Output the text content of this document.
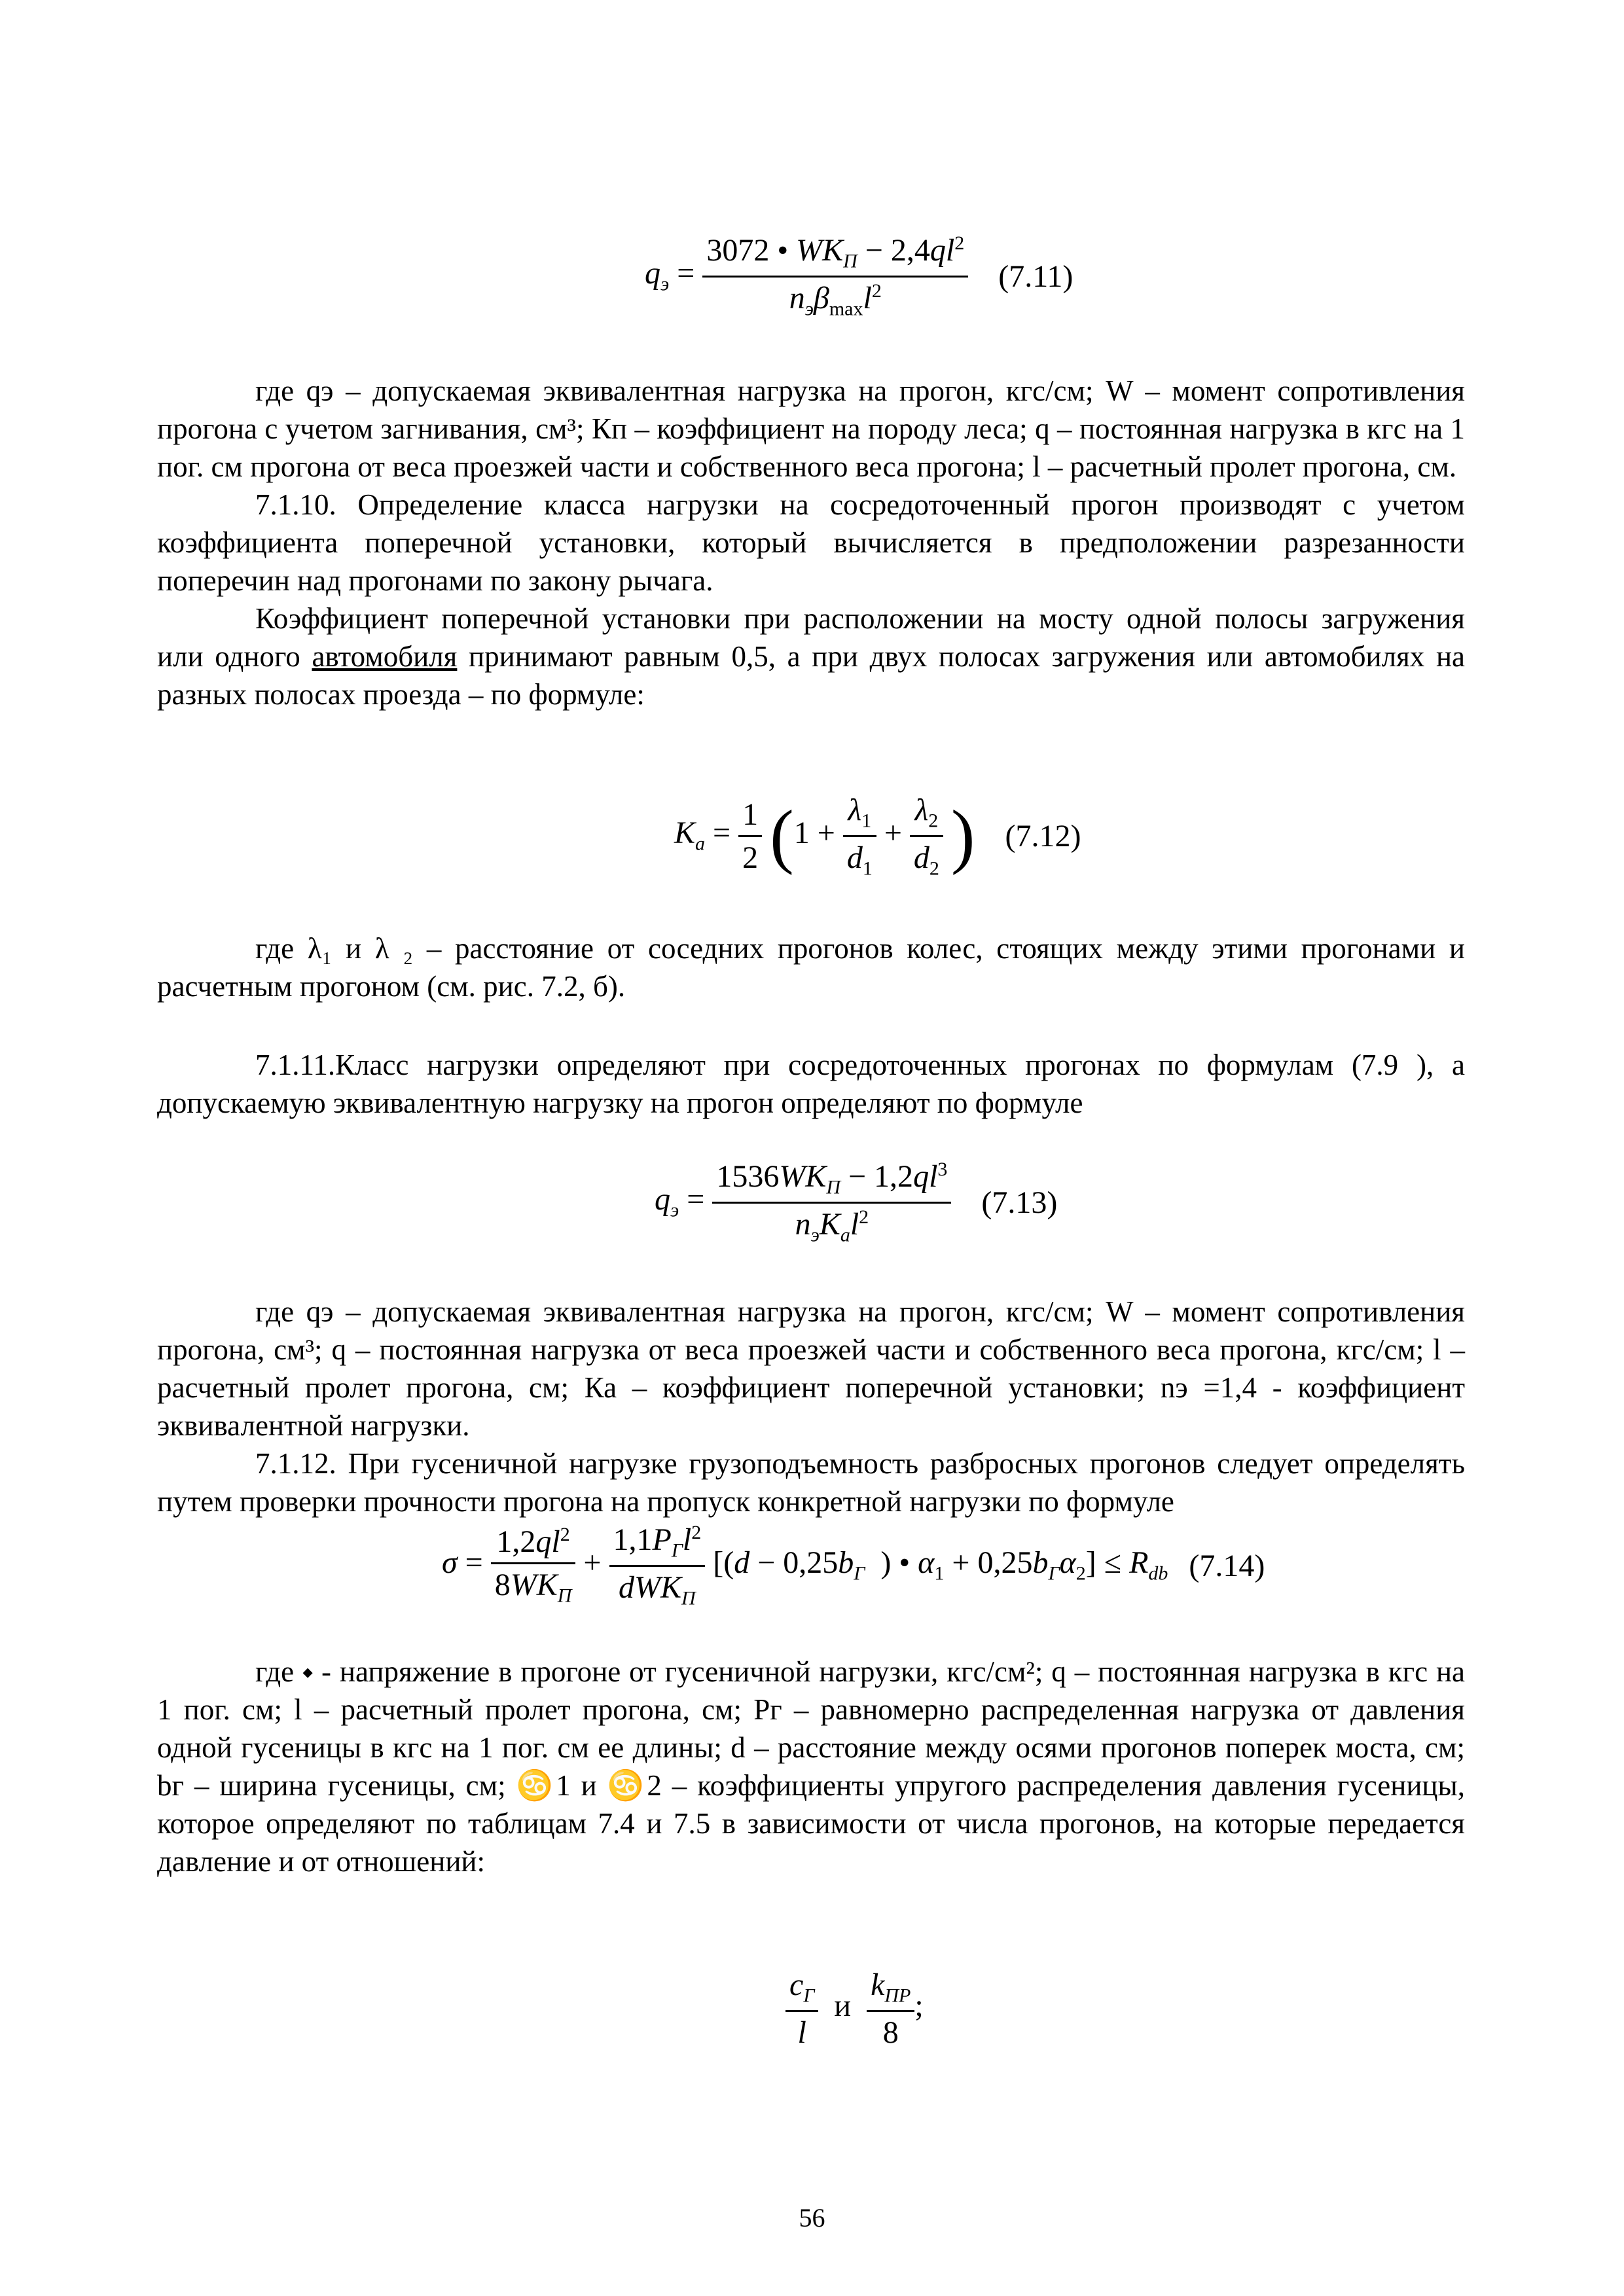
$q_э = \frac{3072 • WK_П - 2,4ql^2}{n_э\beta_{max}l^2} (7.11)$

где qэ – допускаемая эквивалентная нагрузка на прогон, кгс/см; W – момент сопротивления прогона с учетом загнивания, см³; Кп – коэффициент на породу леса; q – постоянная нагрузка в кгс на 1 пог. см прогона от веса проезжей части и собственного веса прогона; l – расчетный пролет прогона, см.

7.1.10. Определение класса нагрузки на сосредоточенный прогон производят с учетом коэффициента поперечной установки, который вычисляется в предположении разрезанности поперечин над прогонами по закону рычага.

Коэффициент поперечной установки при расположении на мосту одной полосы загружения или одного автомобиля принимают равным 0,5, а при двух полосах загружения или автомобилях на разных полосах проезда – по формуле:

$K_a = \frac{1}{2} (1 + \frac{\lambda_1}{d_1} + \frac{\lambda_2}{d_2}$ ) (7.12)

где λ₁ и λ ₂ – расстояние от соседних прогонов колес, стоящих между этими прогонами и расчетным прогоном (см. рис. 7.2, б).

7.1.11.Класс нагрузки определяют при сосредоточенных прогонах по формулам (7.9 ), а допускаемую эквивалентную нагрузку на прогон определяют по формуле

$q_э = \frac{1536WK_П - 1,2ql^3}{n_эK_al^2} (7.13)$

где qэ – допускаемая эквивалентная нагрузка на прогон, кгс/см; W – момент сопротивления прогона, см³; q – постоянная нагрузка от веса проезжей части и собственного веса прогона, кгс/см; l – расчетный пролет прогона, см; Ка – коэффициент поперечной установки; nэ =1,4 - коэффициент эквивалентной нагрузки.

7.1.12. При гусеничной нагрузке грузоподъемность разбросных прогонов следует определять путем проверки прочности прогона на пропуск конкретной нагрузки по формуле

$\sigma = \frac{1,2ql^2}{8WK_П} + \frac{1,1P_Гl^2}{dWK_П} [(d - 0,25b_Г$  ) • $\alpha_1 + 0,25b_Г\alpha_2] \le R_{db}$ (7.14)

где ⬩ - напряжение в прогоне от гусеничной нагрузки, кгс/см²; q – постоянная нагрузка в кгс на 1 пог. см; l – расчетный пролет прогона, см; Рг – равномерно распределенная нагрузка от давления одной гусеницы в кгс на 1 пог. см ее длины; d – расстояние между осями прогонов поперек моста, см; bг – ширина гусеницы, см; ♋1 и ♋2 – коэффициенты упругого распределения давления гусеницы, которое определяют по таблицам 7.4 и 7.5 в зависимости от числа прогонов, на которые передается давление и от отношений:

$\frac{c_Г}{l}$ и $\frac{k_{ПР}}{8}$ ;
56
